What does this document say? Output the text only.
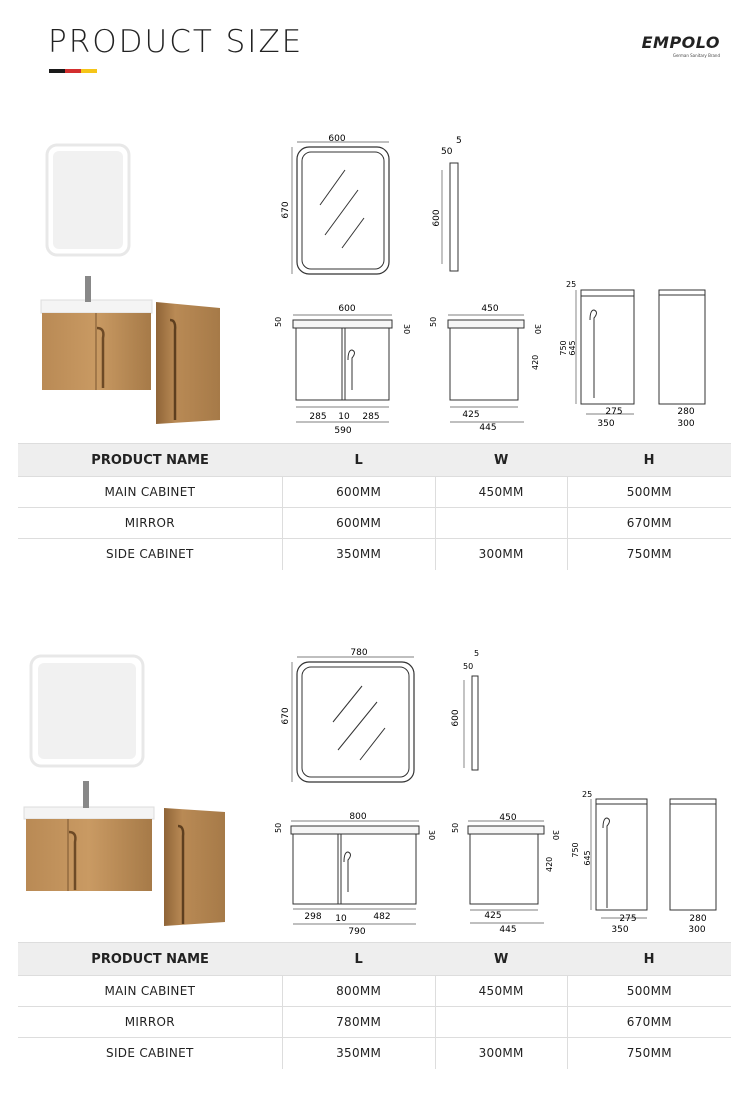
PRODUCT SIZE	EMPOLO
German Sanitary Brand
600
670
5
50
600
600
50
30
285 10 285
590
450
50
30
420
425
445
25
750 645
275
350
280
300
PRODUCT NAME	L	W	H
MAIN CABINET	600MM	450MM	500MM
MIRROR	600MM		670MM
SIDE CABINET	350MM	300MM	750MM
780
670
5
50
600
800
50
30
298 10	482
790
450
50
30
420
425
445
25
750
645
275
350
280
300
PRODUCT NAME	L	W	H
MAIN CABINET	800MM	450MM	500MM
MIRROR	780MM		670MM
SIDE CABINET	350MM	300MM	750MM
